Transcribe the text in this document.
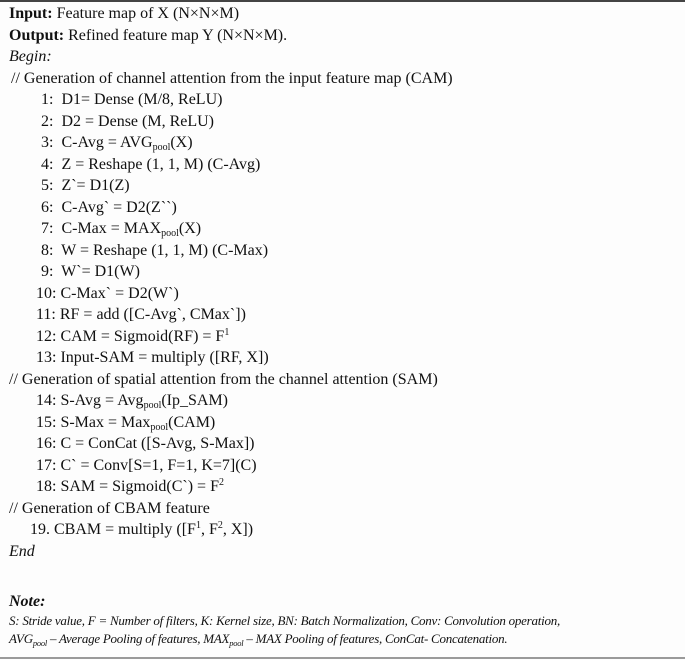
Input: Feature map of X (N×N×M)
Output: Refined feature map Y (N×N×M).
Begin:
// Generation of channel attention from the input feature map (CAM)
1: D1= Dense (M/8, ReLU)
2: D2 = Dense (M, ReLU)
3: $C-Avg = AVG_{pool}(X)$
4: Z = Reshape (1, 1, M) (C-Avg)
5: Z`= D1(Z)
6: C-Avg` = D2(Z``)
7: $C-Max = MAX_{pool}(X)$
8: W = Reshape (1, 1, M) (C-Max)
9: W`= D1(W)
10: C-Max` = D2(W`)
11: RF = add ([C-Avg`, CMax`])
12: CAM = Sigmoid(RF) = $F^1$
13: Input-SAM = multiply ([RF, X])
// Generation of spatial attention from the channel attention (SAM)
14: S-Avg = Avg$_{pool}$(Ip_SAM)
15: S-Max = Max$_{pool}$(CAM)
16: C = ConCat ([S-Avg, S-Max])
17: C` = Conv[S=1, F=1, K=7](C)
18: SAM = Sigmoid(C`) = $F^2$
// Generation of CBAM feature
19. CBAM = multiply ([$F^1$, $F^2$, X])
End
Note:
S: Stride value, F = Number of filters, K: Kernel size, BN: Batch Normalization, Conv: Convolution operation,
$AVG_{pool}$ – Average Pooling of features, $MAX_{pool}$ – MAX Pooling of features, ConCat- Concatenation.
